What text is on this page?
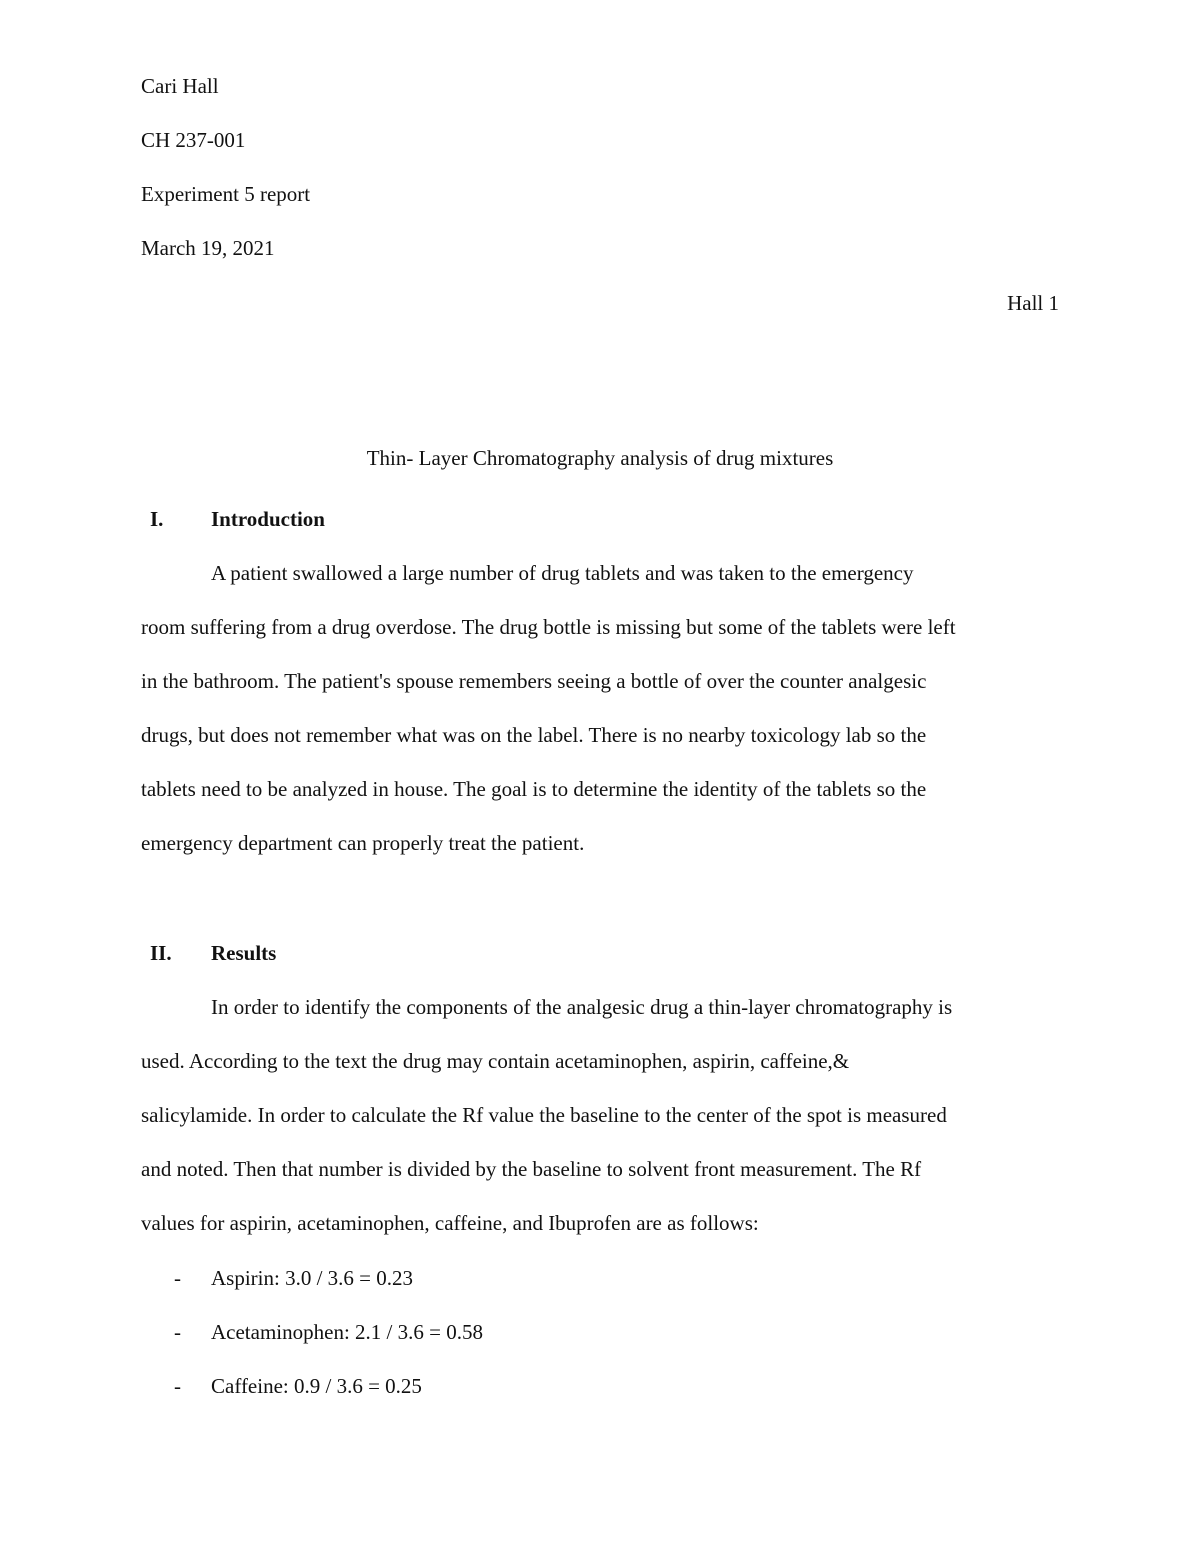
Cari Hall
CH 237-001
Experiment 5 report
March 19, 2021
Hall 1
Thin- Layer Chromatography analysis of drug mixtures
I. Introduction
A patient swallowed a large number of drug tablets and was taken to the emergency
room suffering from a drug overdose. The drug bottle is missing but some of the tablets were left
in the bathroom. The patient's spouse remembers seeing a bottle of over the counter analgesic
drugs, but does not remember what was on the label. There is no nearby toxicology lab so the
tablets need to be analyzed in house. The goal is to determine the identity of the tablets so the
emergency department can properly treat the patient.
II. Results
In order to identify the components of the analgesic drug a thin-layer chromatography is
used. According to the text the drug may contain acetaminophen, aspirin, caffeine,&
salicylamide. In order to calculate the Rf value the baseline to the center of the spot is measured
and noted. Then that number is divided by the baseline to solvent front measurement. The Rf
values for aspirin, acetaminophen, caffeine, and Ibuprofen are as follows:
- Aspirin: 3.0 / 3.6 = 0.23
- Acetaminophen: 2.1 / 3.6 = 0.58
- Caffeine: 0.9 / 3.6 = 0.25
